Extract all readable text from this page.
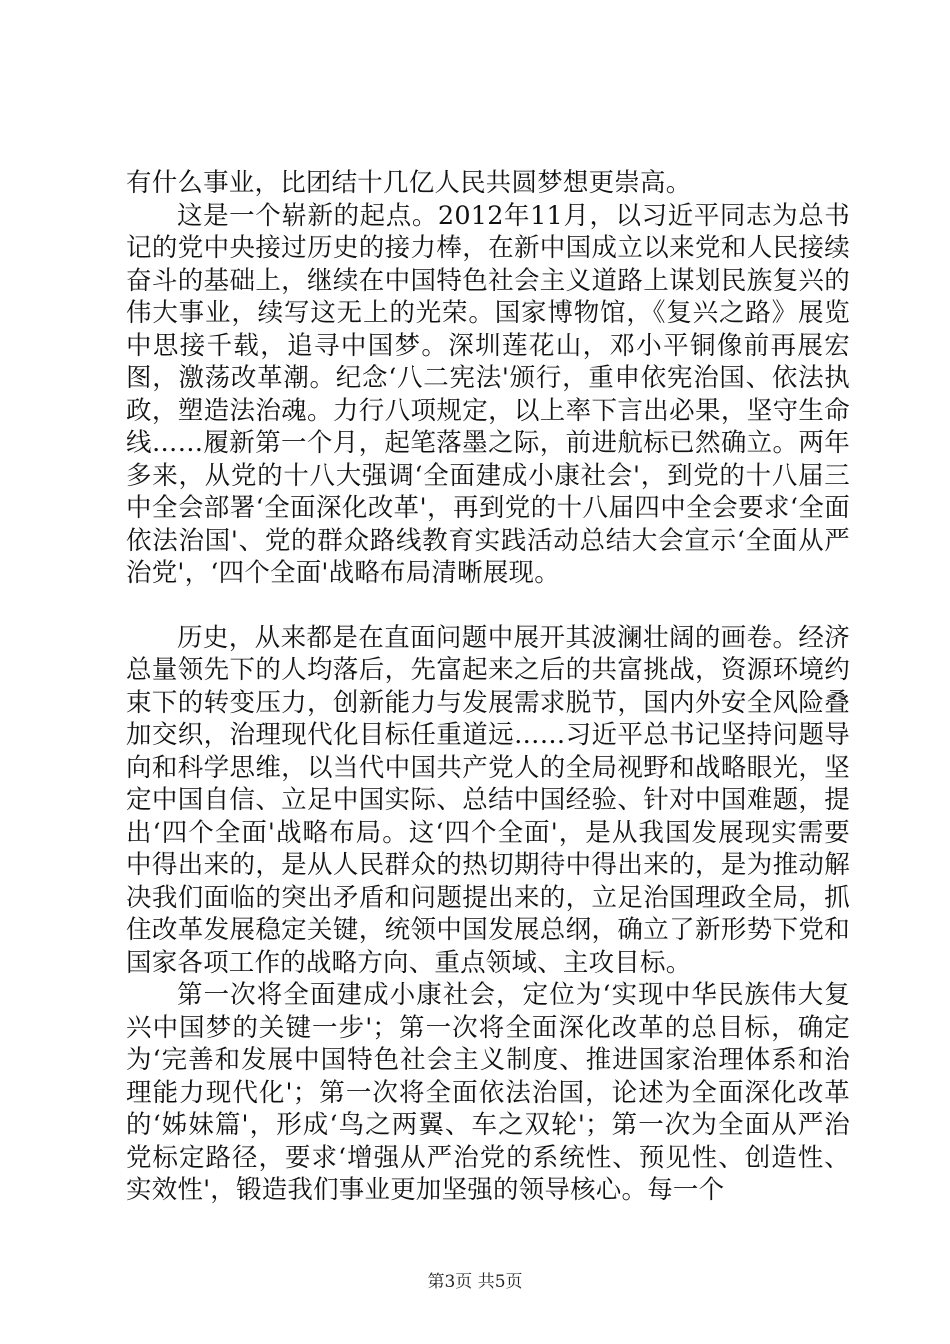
有什么事业，比团结十几亿人民共圆梦想更崇高。

这是一个崭新的起点。2012年11月，以习近平同志为总书记的党中央接过历史的接力棒，在新中国成立以来党和人民接续奋斗的基础上，继续在中国特色社会主义道路上谋划民族复兴的伟大事业，续写这无上的光荣。国家博物馆，《复兴之路》展览中思接千载，追寻中国梦。深圳莲花山，邓小平铜像前再展宏图，激荡改革潮。纪念‘八二宪法'颁行，重申依宪治国、依法执政，塑造法治魂。力行八项规定，以上率下言出必果，坚守生命线……履新第一个月，起笔落墨之际，前进航标已然确立。两年多来，从党的十八大强调‘全面建成小康社会'，到党的十八届三中全会部署‘全面深化改革'，再到党的十八届四中全会要求‘全面依法治国'、党的群众路线教育实践活动总结大会宣示‘全面从严治党'，‘四个全面'战略布局清晰展现。

历史，从来都是在直面问题中展开其波澜壮阔的画卷。经济总量领先下的人均落后，先富起来之后的共富挑战，资源环境约束下的转变压力，创新能力与发展需求脱节，国内外安全风险叠加交织，治理现代化目标任重道远……习近平总书记坚持问题导向和科学思维，以当代中国共产党人的全局视野和战略眼光，坚定中国自信、立足中国实际、总结中国经验、针对中国难题，提出‘四个全面'战略布局。这‘四个全面'，是从我国发展现实需要中得出来的，是从人民群众的热切期待中得出来的，是为推动解决我们面临的突出矛盾和问题提出来的，立足治国理政全局，抓住改革发展稳定关键，统领中国发展总纲，确立了新形势下党和国家各项工作的战略方向、重点领域、主攻目标。

第一次将全面建成小康社会，定位为‘实现中华民族伟大复兴中国梦的关键一步'；第一次将全面深化改革的总目标，确定为‘完善和发展中国特色社会主义制度、推进国家治理体系和治理能力现代化'；第一次将全面依法治国，论述为全面深化改革的‘姊妹篇'，形成‘鸟之两翼、车之双轮'；第一次为全面从严治党标定路径，要求‘增强从严治党的系统性、预见性、创造性、实效性'，锻造我们事业更加坚强的领导核心。每一个

第3页 共5页
